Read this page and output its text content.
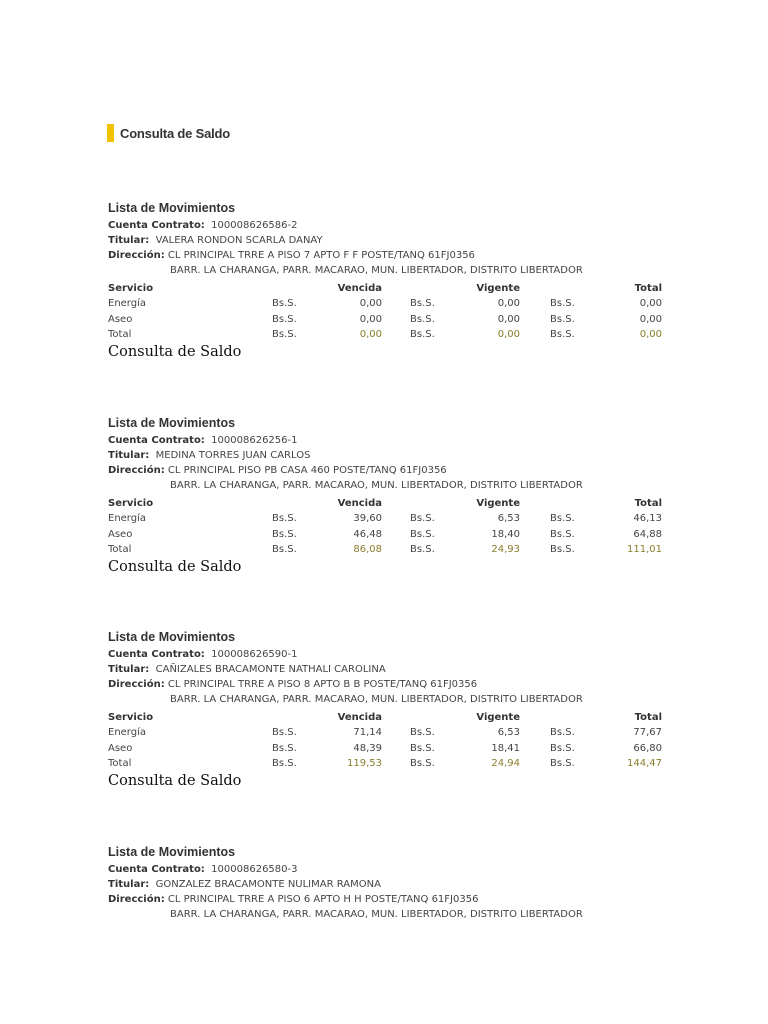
Consulta de Saldo
Lista de Movimientos
Cuenta Contrato: 100008626586-2
Titular: VALERA RONDON SCARLA DANAY
Dirección: CL PRINCIPAL TRRE A PISO 7 APTO F F POSTE/TANQ 61FJ0356
BARR. LA CHARANGA, PARR. MACARAO, MUN. LIBERTADOR, DISTRITO LIBERTADOR
Servicio	Vencida	Vigente	Total
Energía	Bs.S.	0,00	Bs.S.	0,00	Bs.S.	0,00
Aseo	Bs.S.	0,00	Bs.S.	0,00	Bs.S.	0,00
Total	Bs.S.	0,00	Bs.S.	0,00	Bs.S.	0,00
Consulta de Saldo
Lista de Movimientos
Cuenta Contrato: 100008626256-1
Titular: MEDINA TORRES JUAN CARLOS
Dirección: CL PRINCIPAL PISO PB CASA 460 POSTE/TANQ 61FJ0356
BARR. LA CHARANGA, PARR. MACARAO, MUN. LIBERTADOR, DISTRITO LIBERTADOR
Servicio	Vencida	Vigente	Total
Energía	Bs.S.	39,60	Bs.S.	6,53	Bs.S.	46,13
Aseo	Bs.S.	46,48	Bs.S.	18,40	Bs.S.	64,88
Total	Bs.S.	86,08	Bs.S.	24,93	Bs.S.	111,01
Consulta de Saldo
Lista de Movimientos
Cuenta Contrato: 100008626590-1
Titular: CAÑIZALES BRACAMONTE NATHALI CAROLINA
Dirección: CL PRINCIPAL TRRE A PISO 8 APTO B B POSTE/TANQ 61FJ0356
BARR. LA CHARANGA, PARR. MACARAO, MUN. LIBERTADOR, DISTRITO LIBERTADOR
Servicio	Vencida	Vigente	Total
Energía	Bs.S.	71,14	Bs.S.	6,53	Bs.S.	77,67
Aseo	Bs.S.	48,39	Bs.S.	18,41	Bs.S.	66,80
Total	Bs.S.	119,53	Bs.S.	24,94	Bs.S.	144,47
Consulta de Saldo
Lista de Movimientos
Cuenta Contrato: 100008626580-3
Titular: GONZALEZ BRACAMONTE NULIMAR RAMONA
Dirección: CL PRINCIPAL TRRE A PISO 6 APTO H H POSTE/TANQ 61FJ0356
BARR. LA CHARANGA, PARR. MACARAO, MUN. LIBERTADOR, DISTRITO LIBERTADOR
